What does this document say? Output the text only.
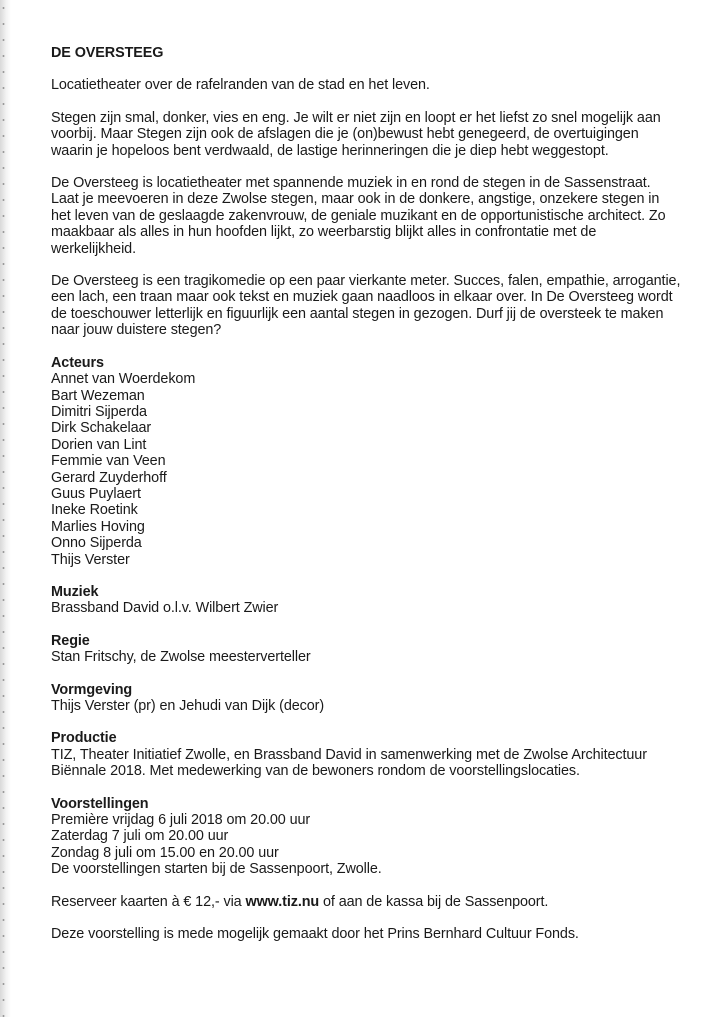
DE OVERSTEEG

Locatietheater over de rafelranden van de stad en het leven.

Stegen zijn smal, donker, vies en eng. Je wilt er niet zijn en loopt er het liefst zo snel mogelijk aan voorbij. Maar Stegen zijn ook de afslagen die je (on)bewust hebt genegeerd, de overtuigingen waarin je hopeloos bent verdwaald, de lastige herinneringen die je diep hebt weggestopt.

De Oversteeg is locatietheater met spannende muziek in en rond de stegen in de Sassenstraat. Laat je meevoeren in deze Zwolse stegen, maar ook in de donkere, angstige, onzekere stegen in het leven van de geslaagde zakenvrouw, de geniale muzikant en de opportunistische architect. Zo maakbaar als alles in hun hoofden lijkt, zo weerbarstig blijkt alles in confrontatie met de werkelijkheid.

De Oversteeg is een tragikomedie op een paar vierkante meter. Succes, falen, empathie, arrogantie, een lach, een traan maar ook tekst en muziek gaan naadloos in elkaar over. In De Oversteeg wordt de toeschouwer letterlijk en figuurlijk een aantal stegen in gezogen. Durf jij de oversteek te maken naar jouw duistere stegen?

Acteurs
Annet van Woerdekom
Bart Wezeman
Dimitri Sijperda
Dirk Schakelaar
Dorien van Lint
Femmie van Veen
Gerard Zuyderhoff
Guus Puylaert
Ineke Roetink
Marlies Hoving
Onno Sijperda
Thijs Verster
Muziek
Brassband David o.l.v. Wilbert Zwier
Regie
Stan Fritschy, de Zwolse meesterverteller
Vormgeving
Thijs Verster (pr) en Jehudi van Dijk (decor)
Productie
TIZ, Theater Initiatief Zwolle, en Brassband David in samenwerking met de Zwolse Architectuur Biënnale 2018. Met medewerking van de bewoners rondom de voorstellingslocaties.
Voorstellingen
Première vrijdag 6 juli 2018 om 20.00 uur
Zaterdag 7 juli om 20.00 uur
Zondag 8 juli om 15.00 en 20.00 uur
De voorstellingen starten bij de Sassenpoort, Zwolle.

Reserveer kaarten à € 12,- via www.tiz.nu of aan de kassa bij de Sassenpoort.

Deze voorstelling is mede mogelijk gemaakt door het Prins Bernhard Cultuur Fonds.
